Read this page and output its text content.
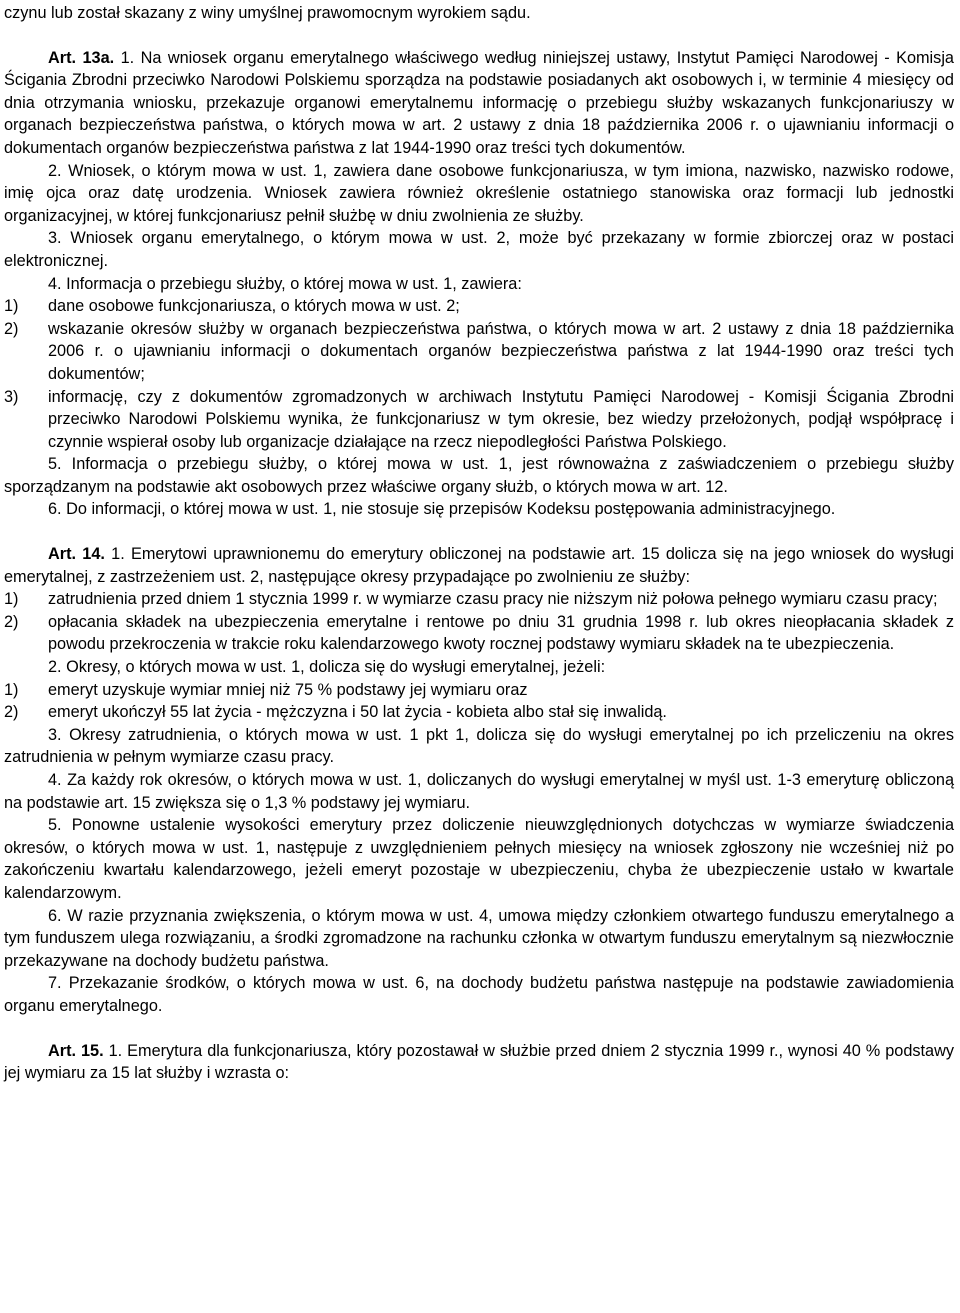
czynu lub został skazany z winy umyślnej prawomocnym wyrokiem sądu.

Art. 13a. 1. Na wniosek organu emerytalnego właściwego według niniejszej ustawy, Instytut Pamięci Narodowej - Komisja Ścigania Zbrodni przeciwko Narodowi Polskiemu sporządza na podstawie posiadanych akt osobowych i, w terminie 4 miesięcy od dnia otrzymania wniosku, przekazuje organowi emerytalnemu informację o przebiegu służby wskazanych funkcjonariuszy w organach bezpieczeństwa państwa, o których mowa w art. 2 ustawy z dnia 18 października 2006 r. o ujawnianiu informacji o dokumentach organów bezpieczeństwa państwa z lat 1944-1990 oraz treści tych dokumentów.

2. Wniosek, o którym mowa w ust. 1, zawiera dane osobowe funkcjonariusza, w tym imiona, nazwisko, nazwisko rodowe, imię ojca oraz datę urodzenia. Wniosek zawiera również określenie ostatniego stanowiska oraz formacji lub jednostki organizacyjnej, w której funkcjonariusz pełnił służbę w dniu zwolnienia ze służby.

3. Wniosek organu emerytalnego, o którym mowa w ust. 2, może być przekazany w formie zbiorczej oraz w postaci elektronicznej.

4. Informacja o przebiegu służby, o której mowa w ust. 1, zawiera:

1)	dane osobowe funkcjonariusza, o których mowa w ust. 2;
2)	wskazanie okresów służby w organach bezpieczeństwa państwa, o których mowa w art. 2 ustawy z dnia 18 października 2006 r. o ujawnianiu informacji o dokumentach organów bezpieczeństwa państwa z lat 1944-1990 oraz treści tych dokumentów;
3)	informację, czy z dokumentów zgromadzonych w archiwach Instytutu Pamięci Narodowej - Komisji Ścigania Zbrodni przeciwko Narodowi Polskiemu wynika, że funkcjonariusz w tym okresie, bez wiedzy przełożonych, podjął współpracę i czynnie wspierał osoby lub organizacje działające na rzecz niepodległości Państwa Polskiego.

5. Informacja o przebiegu służby, o której mowa w ust. 1, jest równoważna z zaświadczeniem o przebiegu służby sporządzanym na podstawie akt osobowych przez właściwe organy służb, o których mowa w art. 12.

6. Do informacji, o której mowa w ust. 1, nie stosuje się przepisów Kodeksu postępowania administracyjnego.

Art. 14. 1. Emerytowi uprawnionemu do emerytury obliczonej na podstawie art. 15 dolicza się na jego wniosek do wysługi emerytalnej, z zastrzeżeniem ust. 2, następujące okresy przypadające po zwolnieniu ze służby:

1)	zatrudnienia przed dniem 1 stycznia 1999 r. w wymiarze czasu pracy nie niższym niż połowa pełnego wymiaru czasu pracy;
2)	opłacania składek na ubezpieczenia emerytalne i rentowe po dniu 31 grudnia 1998 r. lub okres nieopłacania składek z powodu przekroczenia w trakcie roku kalendarzowego kwoty rocznej podstawy wymiaru składek na te ubezpieczenia.

2. Okresy, o których mowa w ust. 1, dolicza się do wysługi emerytalnej, jeżeli:

1)	emeryt uzyskuje wymiar mniej niż 75 % podstawy jej wymiaru oraz
2)	emeryt ukończył 55 lat życia - mężczyzna i 50 lat życia - kobieta albo stał się inwalidą.

3. Okresy zatrudnienia, o których mowa w ust. 1 pkt 1, dolicza się do wysługi emerytalnej po ich przeliczeniu na okres zatrudnienia w pełnym wymiarze czasu pracy.

4. Za każdy rok okresów, o których mowa w ust. 1, doliczanych do wysługi emerytalnej w myśl ust. 1-3 emeryturę obliczoną na podstawie art. 15 zwiększa się o 1,3 % podstawy jej wymiaru.

5. Ponowne ustalenie wysokości emerytury przez doliczenie nieuwzględnionych dotychczas w wymiarze świadczenia okresów, o których mowa w ust. 1, następuje z uwzględnieniem pełnych miesięcy na wniosek zgłoszony nie wcześniej niż po zakończeniu kwartału kalendarzowego, jeżeli emeryt pozostaje w ubezpieczeniu, chyba że ubezpieczenie ustało w kwartale kalendarzowym.

6. W razie przyznania zwiększenia, o którym mowa w ust. 4, umowa między członkiem otwartego funduszu emerytalnego a tym funduszem ulega rozwiązaniu, a środki zgromadzone na rachunku członka w otwartym funduszu emerytalnym są niezwłocznie przekazywane na dochody budżetu państwa.

7. Przekazanie środków, o których mowa w ust. 6, na dochody budżetu państwa następuje na podstawie zawiadomienia organu emerytalnego.

Art. 15. 1. Emerytura dla funkcjonariusza, który pozostawał w służbie przed dniem 2 stycznia 1999 r., wynosi 40 % podstawy jej wymiaru za 15 lat służby i wzrasta o:
